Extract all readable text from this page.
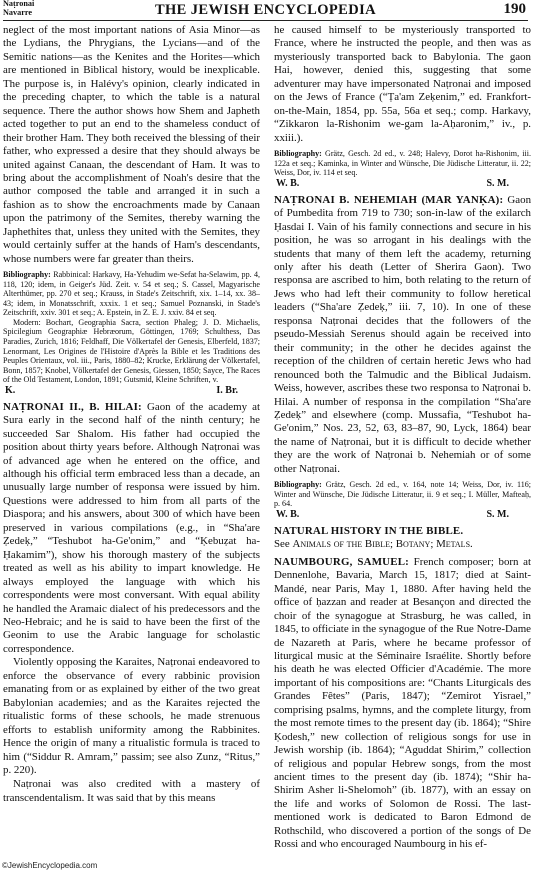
Naṭronai
Navarre	THE JEWISH ENCYCLOPEDIA	190

neglect of the most important nations of Asia Minor—as the Lydians, the Phrygians, the Lycians—and of the Semitic nations—as the Kenites and the Horites—which are mentioned in Biblical history, would be inexplicable. The purpose is, in Halévy's opinion, clearly indicated in the preceding chapter, to which the table is a natural sequence. There the author shows how Shem and Japheth acted together to put an end to the shameless conduct of their brother Ham. They both received the blessing of their father, who expressed a desire that they should always be united against Canaan, the descendant of Ham. It was to bring about the accomplishment of Noah's desire that the author composed the table and arranged it in such a fashion as to show the encroachments made by Canaan upon the patrimony of the Semites, thereby warning the Japhethites that, unless they united with the Semites, they would certainly suffer at the hands of Ham's descendants, whose numbers were far greater than theirs.

Bibliography: Rabbinical: Harkavy, Ha-Yehudim we-Sefat ha-Selawim, pp. 4, 118, 120; idem, in Geiger's Jüd. Zeit. v. 54 et seq.; S. Cassel, Magyarische Alterthümer, pp. 270 et seq.; Krauss, in Stade's Zeitschrift, xix. 1–14, xx. 38–43; idem, in Monatsschrift, xxxix. 1 et seq.; Samuel Poznanski, in Stade's Zeitschrift, xxiv. 301 et seq.; A. Epstein, in Z. E. J. xxiv. 84 et seq.
Modern: Bochart, Geographia Sacra, section Phaleg; J. D. Michaelis, Spicilegium Geographiæ Hebræorum, Göttingen, 1769; Schulthess, Das Paradies, Zurich, 1816; Feldhaff, Die Völkertafel der Genesis, Elberfeld, 1837; Lenormant, Les Origines de l'Histoire d'Après la Bible et les Traditions des Peuples Orientaux, vol. iii., Paris, 1880–82; Krucke, Erklärung der Völkertafel, Bonn, 1857; Knobel, Völkertafel der Genesis, Giessen, 1850; Sayce, The Races of the Old Testament, London, 1891; Gutsmid, Kleine Schriften, v.
K.	I. Br.
NAṬRONAI II., B. HILAI: Gaon of the academy at Sura early in the second half of the ninth century; he succeeded Sar Shalom. His father had occupied the position about thirty years before. Although Naṭronai was of advanced age when he entered on the office, and although his official term embraced less than a decade, an unusually large number of responsa were issued by him. Questions were addressed to him from all parts of the Diaspora; and his answers, about 300 of which have been preserved in various compilations (e.g., in “Sha'are Ẓedeḳ,” “Teshubot ha-Ge'onim,” and “Ḳebuẓat ha-Ḥakamim”), show his thorough mastery of the subjects treated as well as his ability to impart knowledge. He always employed the language with which his correspondents were most conversant. With equal ability he handled the Aramaic dialect of his predecessors and the Neo-Hebraic; and he is said to have been the first of the Geonim to use the Arabic language for scholastic correspondence.

Violently opposing the Karaites, Naṭronai endeavored to enforce the observance of every rabbinic provision emanating from or as explained by either of the two great Babylonian academies; and as the Karaites rejected the ritualistic forms of these schools, he made strenuous efforts to establish uniformity among the Rabbinites. Hence the origin of many a ritualistic formula is traced to him (“Siddur R. Amram,” passim; see also Zunz, “Ritus,” p. 220).

Naṭronai was also credited with a mastery of transcendentalism. It was said that by this means

he caused himself to be mysteriously transported to France, where he instructed the people, and then was as mysteriously transported back to Babylonia. The gaon Hai, however, denied this, suggesting that some adventurer may have impersonated Naṭronai and imposed on the Jews of France (“Ṭa'am Zeḳenim,” ed. Frankfort-on-the-Main, 1854, pp. 55a, 56a et seq.; comp. Harkavy, “Zikkaron la-Rishonim we-gam la-Aḥaronim,” iv., p. xxiii.).

Bibliography: Grätz, Gesch. 2d ed., v. 248; Halevy, Dorot ha-Rishonim, iii. 122a et seq.; Kaminka, in Winter and Wünsche, Die Jüdische Litteratur, ii. 22; Weiss, Dor, iv. 114 et seq.
W. B.	S. M.
NAṬRONAI B. NEHEMIAH (MAR YANḲA): Gaon of Pumbedita from 719 to 730; son-in-law of the exilarch Ḥasdai I. Vain of his family connections and secure in his position, he was so arrogant in his dealings with the students that many of them left the academy, returning only after his death (Letter of Sherira Gaon). Two responsa are ascribed to him, both relating to the return of Jews who had left their community to follow heretical leaders (“Sha'are Ẓedeḳ,” iii. 7, 10). In one of these responsa Naṭronai decides that the followers of the pseudo-Messiah Serenus should again be received into their community; in the other he decides against the reception of the children of certain heretic Jews who had renounced both the Talmudic and the Biblical Judaism. Weiss, however, ascribes these two responsa to Naṭronai b. Hilai. A number of responsa in the compilation “Sha'are Ẓedeḳ” and elsewhere (comp. Mussafia, “Teshubot ha-Ge'onim,” Nos. 23, 52, 63, 83–87, 90, Lyck, 1864) bear the name of Naṭronai, but it is difficult to decide whether they are the work of Naṭronai b. Nehemiah or of some other Naṭronai.
Bibliography: Grätz, Gesch. 2d ed., v. 164, note 14; Weiss, Dor, iv. 116; Winter and Wünsche, Die Jüdische Litteratur, ii. 9 et seq.; I. Müller, Mafteaḥ, p. 64.
W. B.	S. M.
NATURAL HISTORY IN THE BIBLE.
See Animals of the Bible; Botany; Metals.
NAUMBOURG, SAMUEL: French composer; born at Dennenlohe, Bavaria, March 15, 1817; died at Saint-Mandé, near Paris, May 1, 1880. After having held the office of ḥazzan and reader at Besançon and directed the choir of the synagogue at Strasburg, he was called, in 1845, to officiate in the synagogue of the Rue Notre-Dame de Nazareth at Paris, where he became professor of liturgical music at the Séminaire Israélite. Shortly before his death he was elected Officier d'Académie. The more important of his compositions are: “Chants Liturgicals des Grandes Fêtes” (Paris, 1847); “Zemirot Yisrael,” comprising psalms, hymns, and the complete liturgy, from the most remote times to the present day (ib. 1864); “Shire Ḳodesh,” new collection of religious songs for use in Jewish worship (ib. 1864); “Aguddat Shirim,” collection of religious and popular Hebrew songs, from the most ancient times to the present day (ib. 1874); “Shir ha-Shirim Asher li-Shelomoh” (ib. 1877), with an essay on the life and works of Solomon de Rossi. The last-mentioned work is dedicated to Baron Edmond de Rothschild, who discovered a portion of the songs of De Rossi and who encouraged Naumbourg in his ef-
©JewishEncyclopedia.com
